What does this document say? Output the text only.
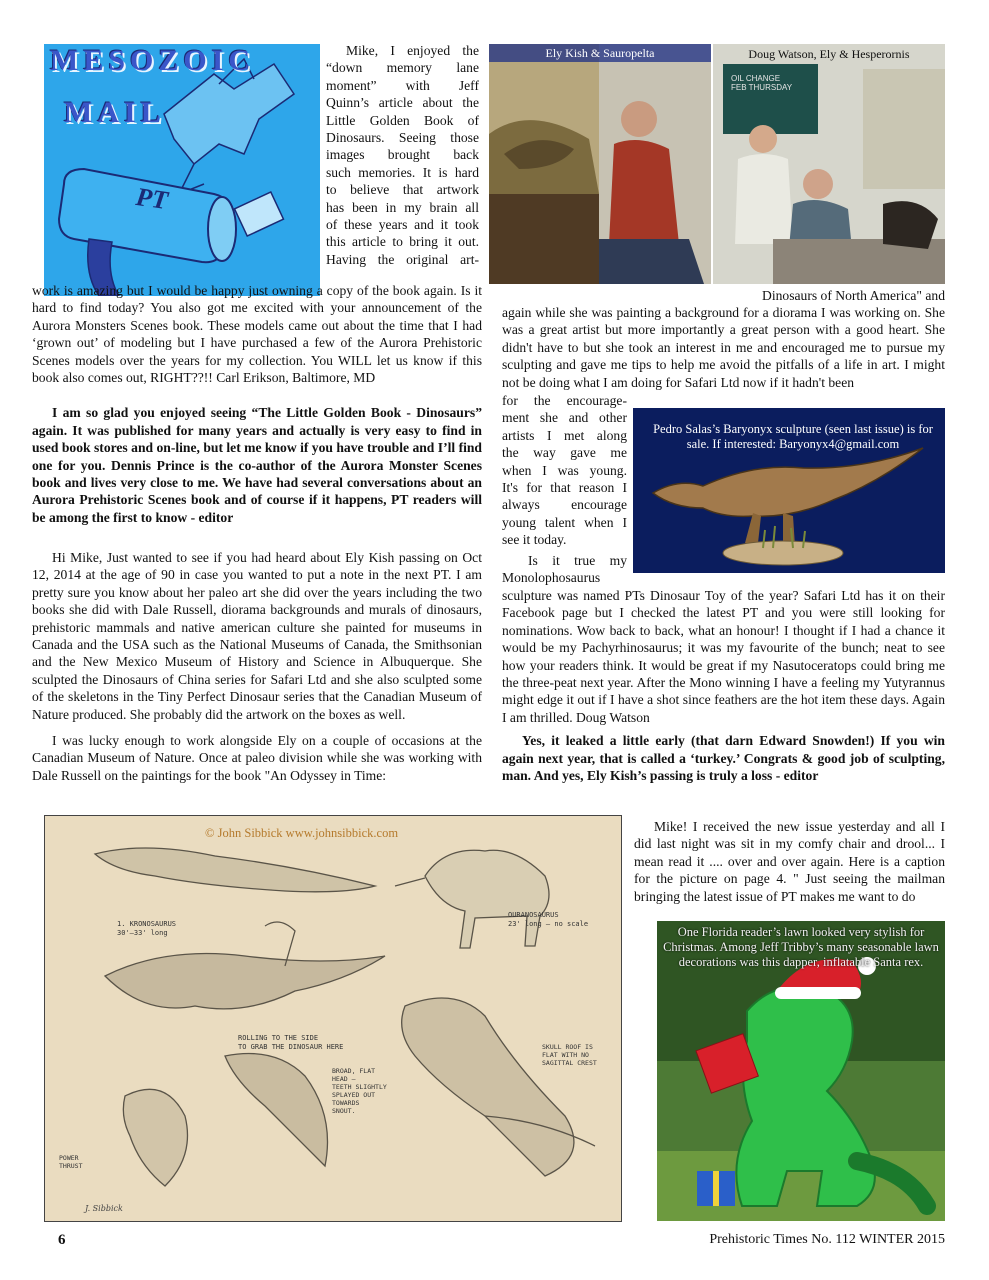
MESOZOIC
MAIL
PT
Mike, I enjoyed the
“down memory lane
moment” with Jeff
Quinn’s article about the
Little Golden Book of
Dinosaurs. Seeing those
images brought back
such memories. It is hard
to believe that artwork
has been in my brain all
of these years and it took
this article to bring it out.
Having the original art-

work is amazing but I would be happy just owning a copy of the book again. Is it hard to find today? You also got me excited with your announcement of the Aurora Monsters Scenes book. These models came out about the time that I had ‘grown out’ of modeling but I have purchased a few of the Aurora Prehistoric Scenes models over the years for my collection. You WILL let us know if this book also comes out, RIGHT??!! Carl Erikson, Baltimore, MD

I am so glad you enjoyed seeing “The Little Golden Book - Dinosaurs” again. It was published for many years and actually is very easy to find in used book stores and on-line, but let me know if you have trouble and I’ll find one for you. Dennis Prince is the co-author of the Aurora Monster Scenes book and lives very close to me. We have had several conversations about an Aurora Prehistoric Scenes book and of course if it happens, PT readers will be among the first to know - editor

Hi Mike, Just wanted to see if you had heard about Ely Kish passing on Oct 12, 2014 at the age of 90 in case you wanted to put a note in the next PT. I am pretty sure you know about her paleo art she did over the years including the two books she did with Dale Russell, diorama backgrounds and murals of dinosaurs, prehistoric mammals and native american culture she painted for museums in Canada and the USA such as the National Museums of Canada, the Smithsonian and the New Mexico Museum of History and Science in Albuquerque. She sculpted the Dinosaurs of China series for Safari Ltd and she also sculpted some of the skeletons in the Tiny Perfect Dinosaur series that the Canadian Museum of Nature produced. She probably did the artwork on the boxes as well.

I was lucky enough to work alongside Ely on a couple of occasions at the Canadian Museum of Nature. Once at paleo division while she was working with Dale Russell on the paintings for the book "An Odyssey in Time:

Ely Kish & Sauropelta
OIL CHANGE
FEB THURSDAY
Doug Watson, Ely & Hesperornis
Dinosaurs of North America" and

again while she was painting a background for a diorama I was working on. She was a great artist but more importantly a great person with a good heart. She didn't have to but she took an interest in me and encouraged me to pursue my sculpting and gave me tips to help me avoid the pitfalls of a life in art. I might not be doing what I am doing for Safari Ltd now if it hadn't been

for the encourage-
ment she and other
artists I met along
the way gave me
when I was young.
It's for that reason I
always encourage
young talent when I
see it today.
Pedro Salas’s Baryonyx sculpture (seen last issue) is for sale. If interested: Baryonyx4@gmail.com
Is it true my
Monolophosaurus

sculpture was named PTs Dinosaur Toy of the year? Safari Ltd has it on their Facebook page but I checked the latest PT and you were still looking for nominations. Wow back to back, what an honour! I thought if I had a chance it would be my Pachyrhinosaurus; it was my favourite of the bunch; neat to see how your readers think. It would be great if my Nasutoceratops could bring me the three-peat next year. After the Mono winning I have a feeling my Yutyrannus might edge it out if I have a shot since feathers are the hot item these days. Again I am thrilled. Doug Watson

Yes, it leaked a little early (that darn Edward Snowden!) If you win again next year, that is called a ‘turkey.’ Congrats & good job of sculpting, man. And yes, Ely Kish’s passing is truly a loss - editor

© John Sibbick www.johnsibbick.com
1. KRONOSAURUS
30'–33' long
OURANOSAURUS
23' long – no scale
ROLLING TO THE SIDE
TO GRAB THE DINOSAUR HERE
BROAD, FLAT
HEAD –
TEETH SLIGHTLY
SPLAYED OUT
TOWARDS
SNOUT.
SKULL ROOF IS
FLAT WITH NO
SAGITTAL CREST
POWER
THRUST
J. Sibbick

Mike! I received the new issue yesterday and all I did last night was sit in my comfy chair and drool... I mean read it .... over and over again. Here is a caption for the picture on page 4. " Just seeing the mailman bringing the latest issue of PT makes me want to do

One Florida reader’s lawn looked very stylish for Christmas. Among Jeff Tribby’s many seasonable lawn decorations was this dapper, inflatable Santa rex.
6	Prehistoric Times No. 112 WINTER 2015
